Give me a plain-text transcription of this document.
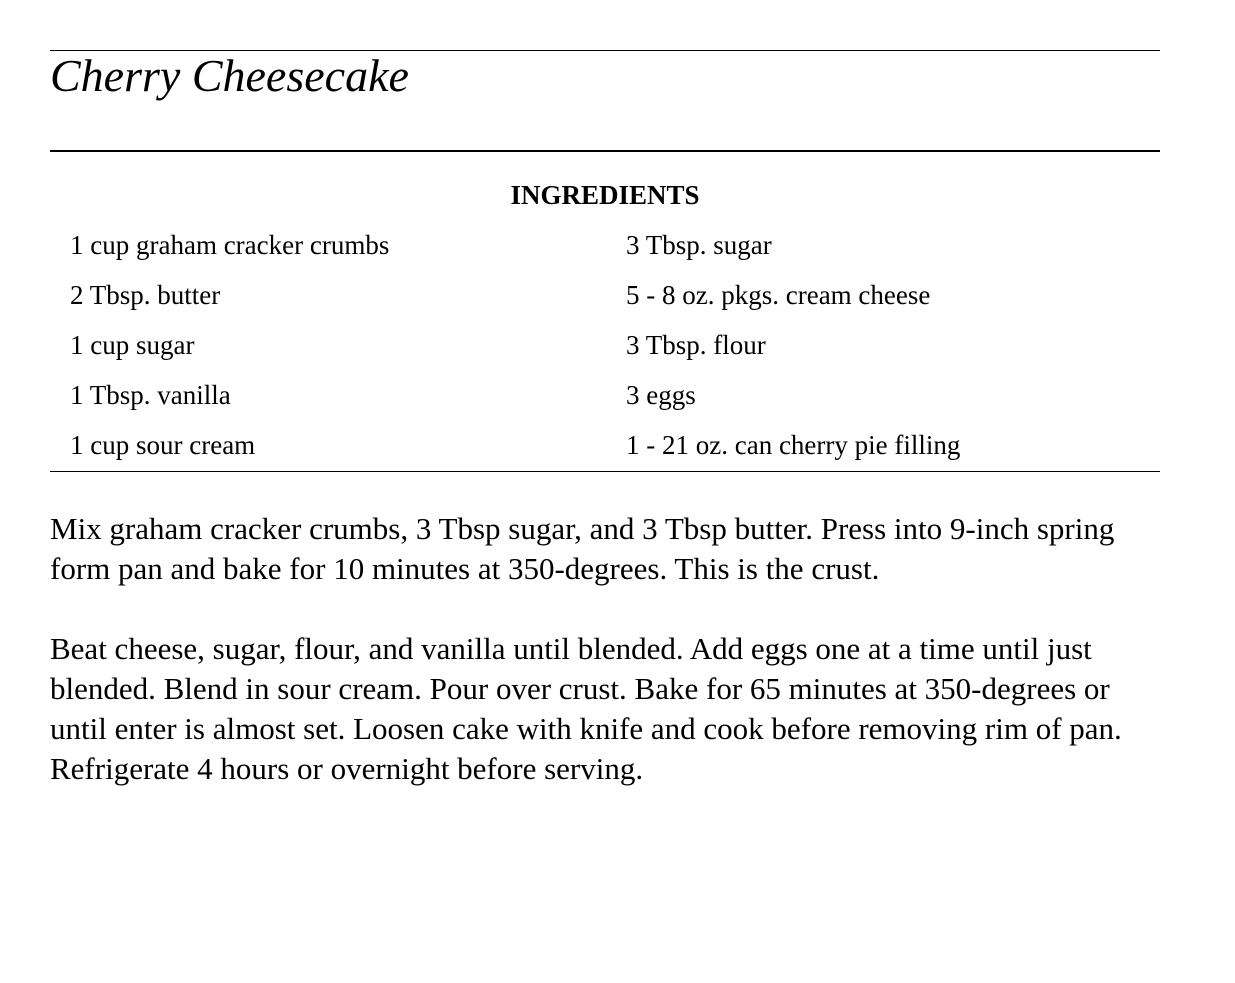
Cherry Cheesecake
INGREDIENTS
1 cup graham cracker crumbs	3 Tbsp. sugar
2 Tbsp. butter	5 - 8 oz. pkgs. cream cheese
1 cup sugar	3 Tbsp. flour
1 Tbsp. vanilla	3 eggs
1 cup sour cream	1 - 21 oz. can cherry pie filling

Mix graham cracker crumbs, 3 Tbsp sugar, and 3 Tbsp butter. Press into 9-inch spring form pan and bake for 10 minutes at 350-degrees. This is the crust.

Beat cheese, sugar, flour, and vanilla until blended. Add eggs one at a time until just blended. Blend in sour cream. Pour over crust. Bake for 65 minutes at 350-degrees or until enter is almost set. Loosen cake with knife and cook before removing rim of pan. Refrigerate 4 hours or overnight before serving.
